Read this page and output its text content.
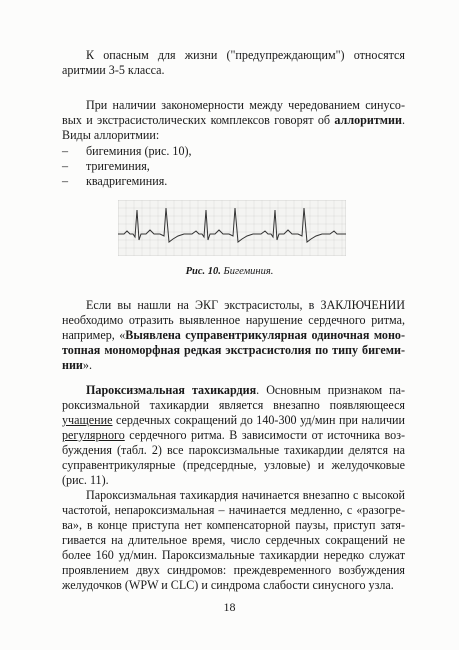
К опасным для жизни ("предупреждающим") относятся
аритмии 3-5 класса.
При наличии закономерности между чередованием синусо-
вых и экстрасистолических комплексов говорят об аллоритмии.
Виды аллоритмии:
– бигеминия (рис. 10),
– тригеминия,
– квадригеминия.
Рис. 10. Бигеминия.
Если вы нашли на ЭКГ экстрасистолы, в ЗАКЛЮЧЕНИИ
необходимо отразить выявленное нарушение сердечного ритма,
например, «Выявлена суправентрикулярная одиночная моно-
топная мономорфная редкая экстрасистолия по типу бигеми-
нии».
Пароксизмальная тахикардия. Основным признаком па-
роксизмальной тахикардии является внезапно появляющееся
учащение сердечных сокращений до 140-300 уд/мин при наличии
регулярного сердечного ритма. В зависимости от источника воз-
буждения (табл. 2) все пароксизмальные тахикардии делятся на
суправентрикулярные (предсердные, узловые) и желудочковые
(рис. 11).
Пароксизмальная тахикардия начинается внезапно с высокой
частотой, непароксизмальная – начинается медленно, с «разогре-
ва», в конце приступа нет компенсаторной паузы, приступ затя-
гивается на длительное время, число сердечных сокращений не
более 160 уд/мин. Пароксизмальные тахикардии нередко служат
проявлением двух синдромов: преждевременного возбуждения
желудочков (WPW и CLC) и синдрома слабости синусного узла.
18
